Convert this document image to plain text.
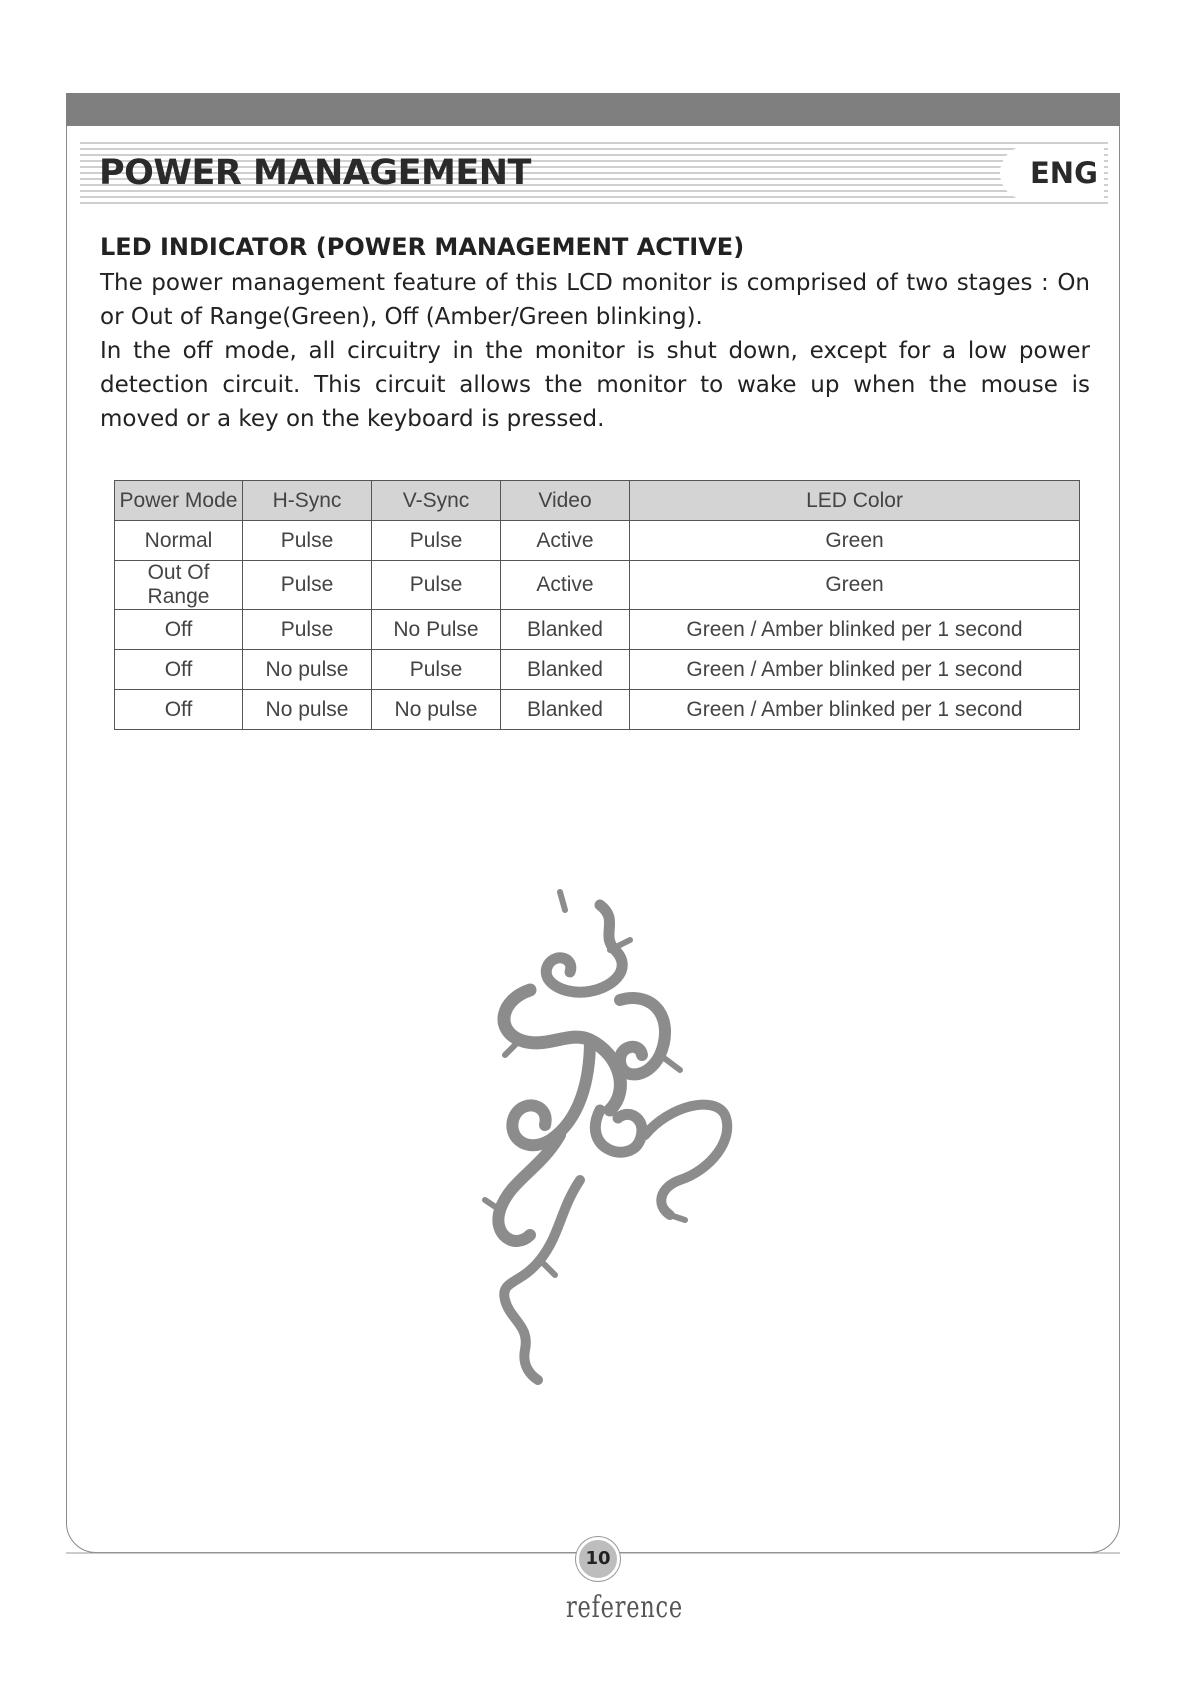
POWER MANAGEMENT	ENG
LED INDICATOR (POWER MANAGEMENT ACTIVE)

The power management feature of this LCD monitor is comprised of two stages : On or Out of Range(Green), Off (Amber/Green blinking).

In the off mode, all circuitry in the monitor is shut down, except for a low power detection circuit. This circuit allows the monitor to wake up when the mouse is moved or a key on the keyboard is pressed.

Power Mode	H-Sync	V-Sync	Video	LED Color
Normal	Pulse	Pulse	Active	Green
Out Of Range	Pulse	Pulse	Active	Green
Off	Pulse	No Pulse	Blanked	Green / Amber blinked per 1 second
Off	No pulse	Pulse	Blanked	Green / Amber blinked per 1 second
Off	No pulse	No pulse	Blanked	Green / Amber blinked per 1 second
10
reference
